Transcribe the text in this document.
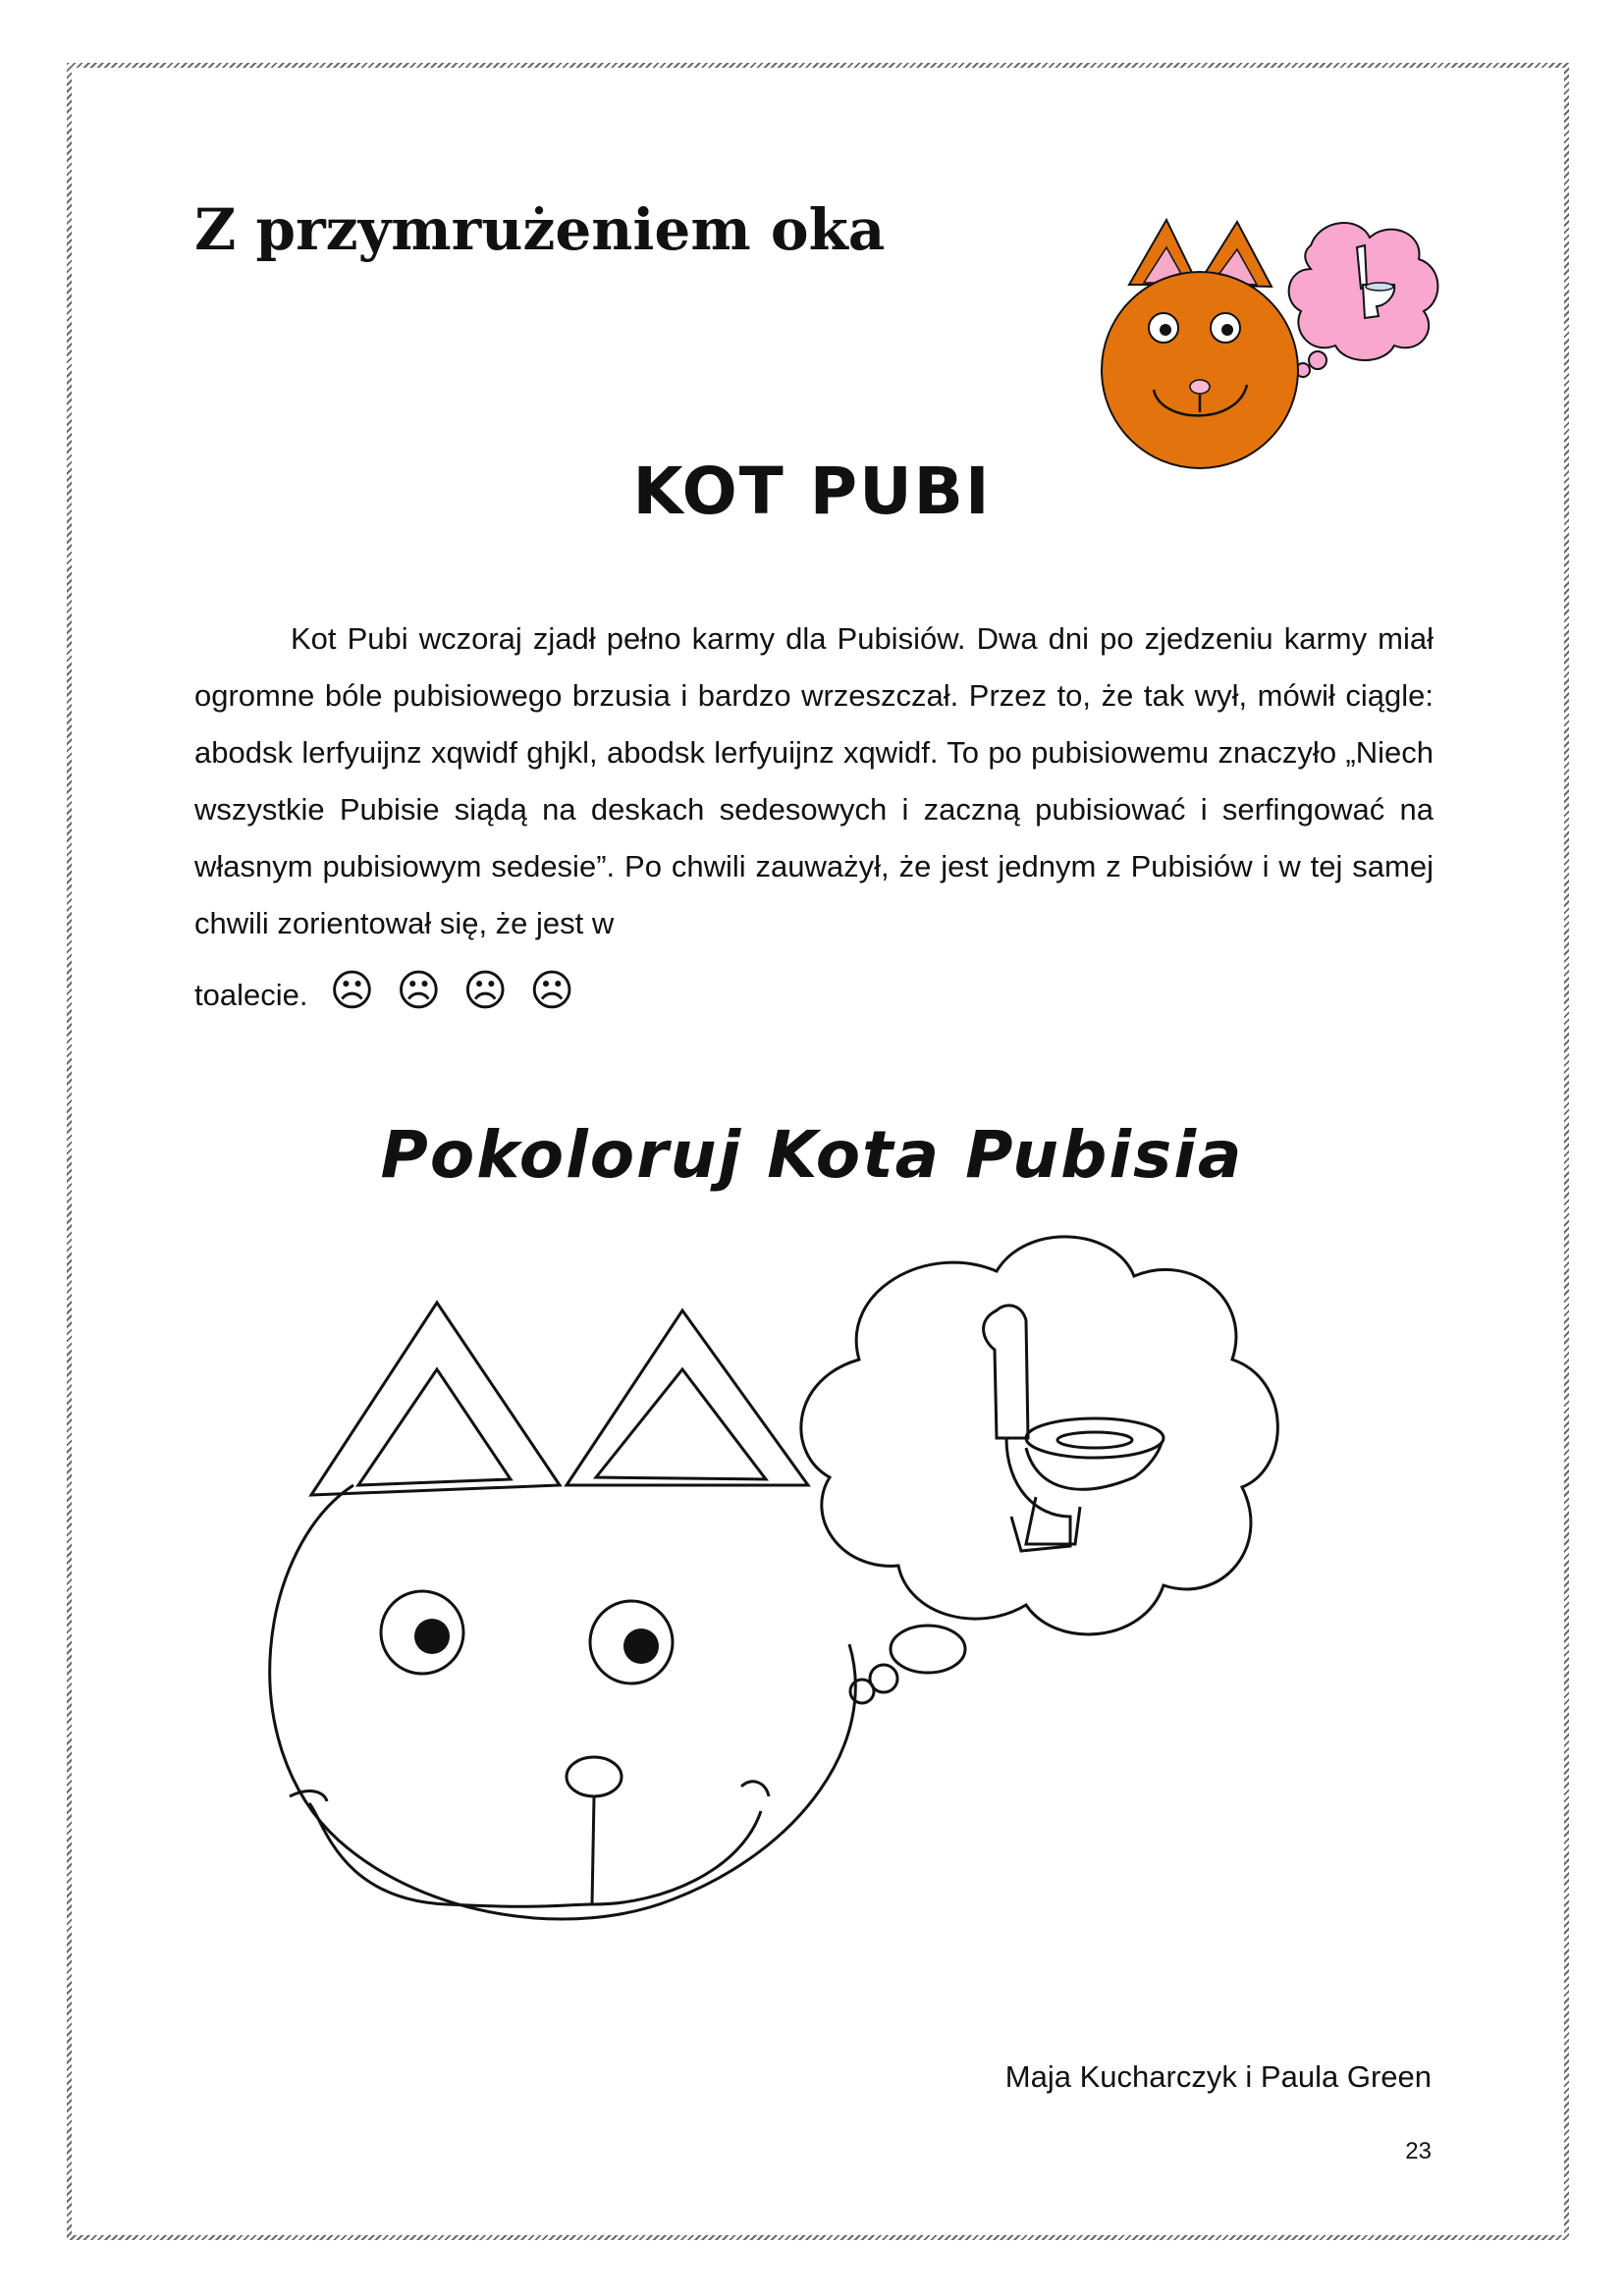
Z przymrużeniem oka
KOT PUBI

Kot Pubi wczoraj zjadł pełno karmy dla Pubisiów. Dwa dni po zjedzeniu karmy miał ogromne bóle pubisiowego brzusia i bardzo wrzeszczał. Przez to, że tak wył, mówił ciągle: abodsk lerfyuijnz xqwidf ghjkl, abodsk lerfyuijnz xqwidf. To po pubisiowemu znaczyło „Niech wszystkie Pubisie siądą na deskach sedesowych i zaczną pubisiować i serfingować na własnym pubisiowym sedesie”. Po chwili zauważył, że jest jednym z Pubisiów i w tej samej chwili zorientował się, że jest w

toalecie. ☹ ☹ ☹ ☹
Pokoloruj Kota Pubisia
Maja Kucharczyk i Paula Green
23
